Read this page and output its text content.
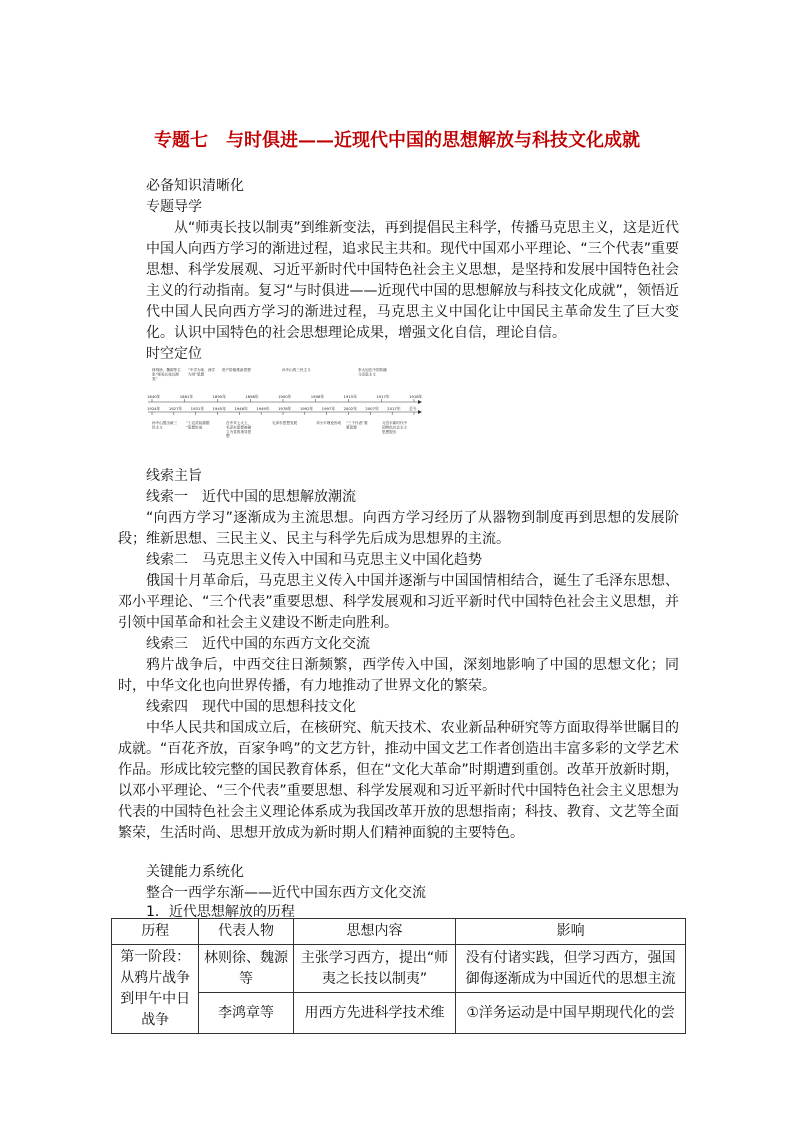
专题七　与时俱进——近现代中国的思想解放与科技文化成就
必备知识清晰化
专题导学
从“师夷长技以制夷”到维新变法，再到提倡民主科学，传播马克思主义，这是近代中国人向西方学习的渐进过程，追求民主共和。现代中国邓小平理论、“三个代表”重要思想、科学发展观、习近平新时代中国特色社会主义思想，是坚持和发展中国特色社会主义的行动指南。复习“与时俱进——近现代中国的思想解放与科技文化成就”，领悟近代中国人民向西方学习的渐进过程，马克思主义中国化让中国民主革命发生了巨大变化。认识中国特色的社会思想理论成果，增强文化自信，理论自信。
时空定位
1840年	1861年	1895年	1898年	1900年	1906年	1915年	1917年	1918年
1924年 1927年 1931年 1945年 1946年 1949年 1978年 1992年 1997年 2002年 2007年 2017年 至今
林则徐、魏源等主
张“师夷长技以制
夷”
“中学为体，西学
为用”思想
资产阶级维新思想	孙中山的三民主义	李大钊在中国传播
马克思主义
孙中山提出新三
民主义
“工农武装割据
”思想形成
在中共七大上，
毛泽东思想被确
立为党的指导思
想
毛泽东思想发展	邓小平理论形成 “三个代表”重
要思想
习近平新时代中
国特色社会主义
思想提出
线索主旨
线索一　近代中国的思想解放潮流
“向西方学习”逐渐成为主流思想。向西方学习经历了从器物到制度再到思想的发展阶段；维新思想、三民主义、民主与科学先后成为思想界的主流。
线索二　马克思主义传入中国和马克思主义中国化趋势
俄国十月革命后，马克思主义传入中国并逐渐与中国国情相结合，诞生了毛泽东思想、邓小平理论、“三个代表”重要思想、科学发展观和习近平新时代中国特色社会主义思想，并引领中国革命和社会主义建设不断走向胜利。
线索三　近代中国的东西方文化交流
鸦片战争后，中西交往日渐频繁，西学传入中国，深刻地影响了中国的思想文化；同时，中华文化也向世界传播，有力地推动了世界文化的繁荣。
线索四　现代中国的思想科技文化
中华人民共和国成立后，在核研究、航天技术、农业新品种研究等方面取得举世瞩目的成就。“百花齐放，百家争鸣”的文艺方针，推动中国文艺工作者创造出丰富多彩的文学艺术作品。形成比较完整的国民教育体系，但在“文化大革命”时期遭到重创。改革开放新时期，以邓小平理论、“三个代表”重要思想、科学发展观和习近平新时代中国特色社会主义思想为代表的中国特色社会主义理论体系成为我国改革开放的思想指南；科技、教育、文艺等全面繁荣，生活时尚、思想开放成为新时期人们精神面貌的主要特色。
关键能力系统化
整合一西学东渐——近代中国东西方文化交流
1．近代思想解放的历程
历程	代表人物	思想内容	影响
第一阶段：从鸦片战争到甲午中日战争	林则徐、魏源等	主张学习西方，提出“师夷之长技以制夷”	没有付诸实践，但学习西方，强国御侮逐渐成为中国近代的思想主流
	李鸿章等	用西方先进科学技术维	①洋务运动是中国早期现代化的尝
